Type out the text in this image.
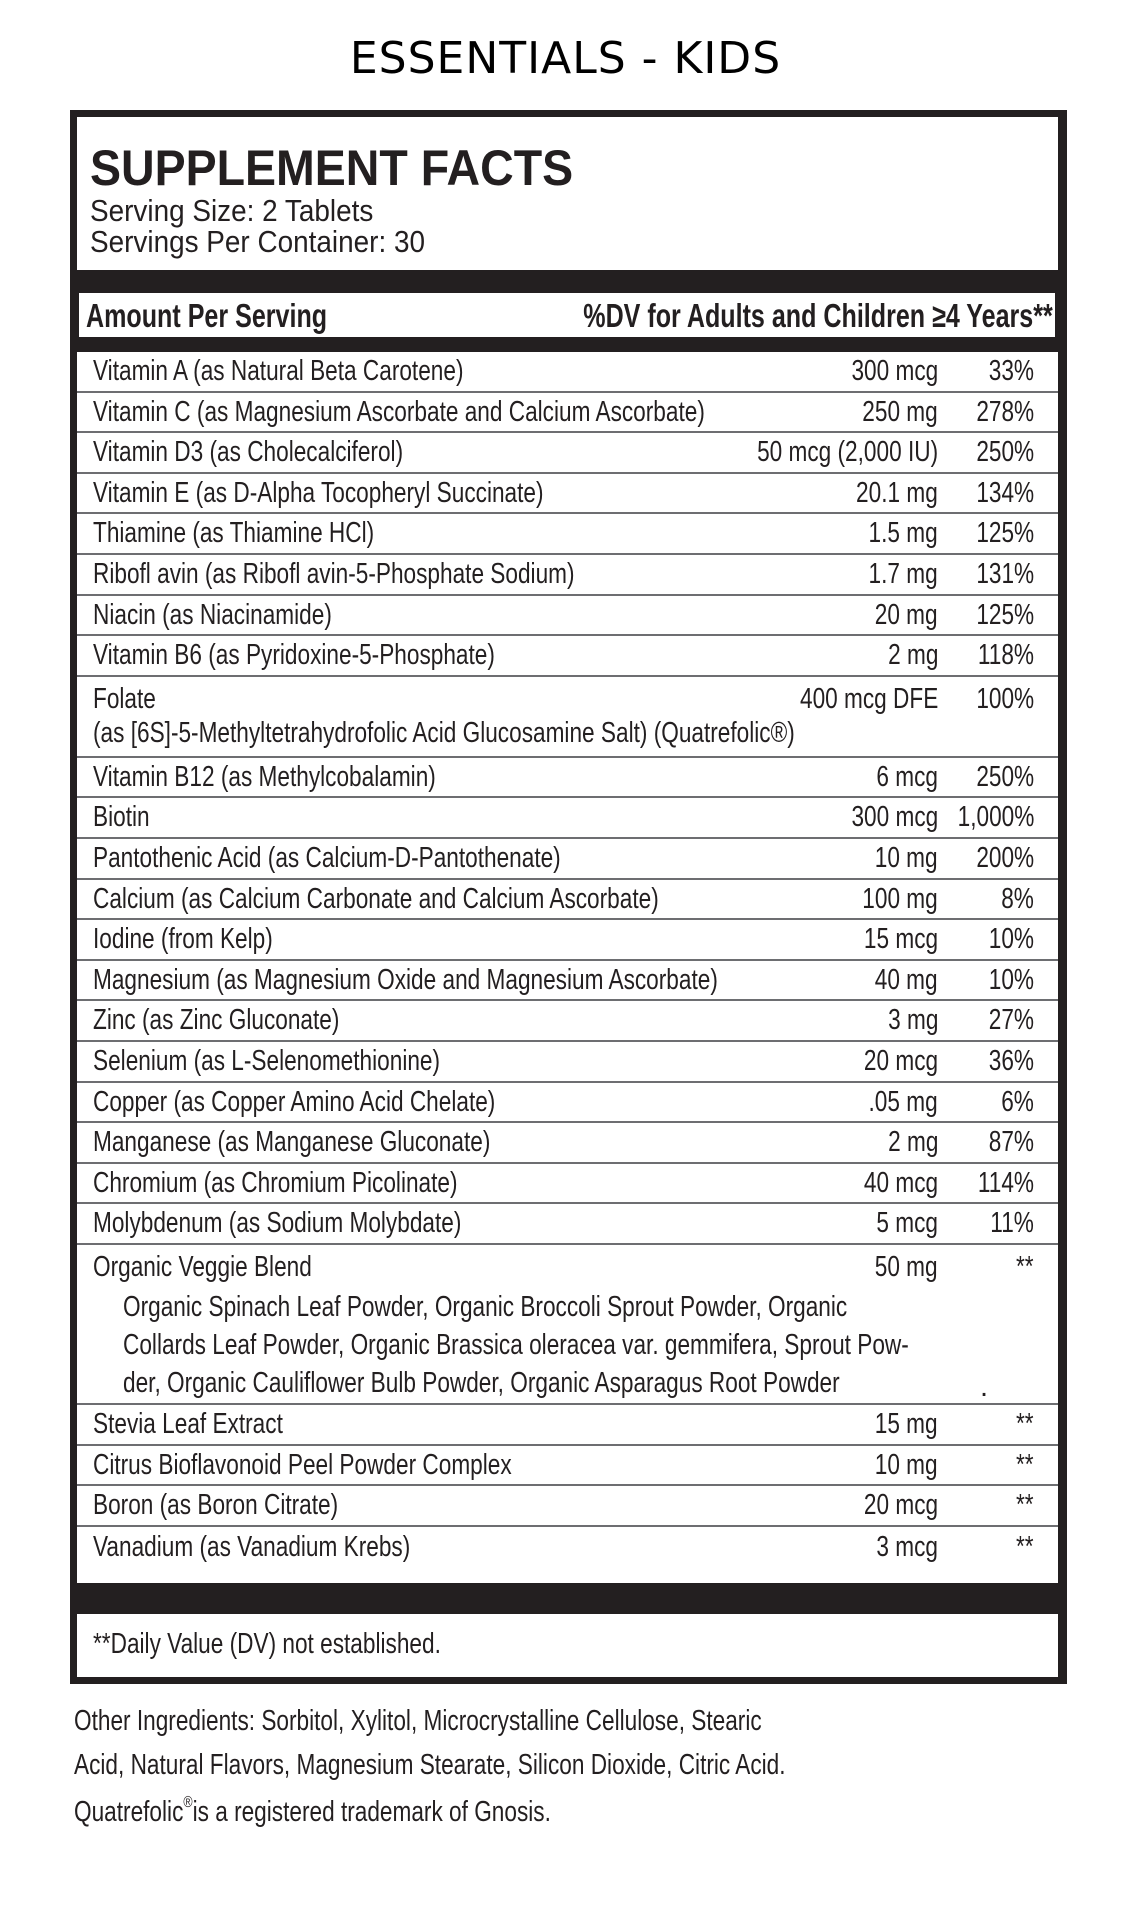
ESSENTIALS - KIDS
SUPPLEMENT FACTS
Serving Size: 2 Tablets
Servings Per Container: 30
Amount Per Serving	%DV for Adults and Children ≥4 Years**
Vitamin A (as Natural Beta Carotene)	300 mcg 33%
Vitamin C (as Magnesium Ascorbate and Calcium Ascorbate)	250 mg 278%
Vitamin D3 (as Cholecalciferol)	50 mcg (2,000 IU) 250%
Vitamin E (as D-Alpha Tocopheryl Succinate)	20.1 mg 134%
Thiamine (as Thiamine HCl)	1.5 mg 125%
Ribofl avin (as Ribofl avin-5-Phosphate Sodium)	1.7 mg 131%
Niacin (as Niacinamide)	20 mg 125%
Vitamin B6 (as Pyridoxine-5-Phosphate)	2 mg 118%
Folate	400 mcg DFE 100%
(as [6S]-5-Methyltetrahydrofolic Acid Glucosamine Salt) (Quatrefolic®)
Vitamin B12 (as Methylcobalamin)	6 mcg 250%
Biotin	300 mcg 1,000%
Pantothenic Acid (as Calcium-D-Pantothenate)	10 mg 200%
Calcium (as Calcium Carbonate and Calcium Ascorbate)	100 mg 8%
Iodine (from Kelp)	15 mcg 10%
Magnesium (as Magnesium Oxide and Magnesium Ascorbate)	40 mg 10%
Zinc (as Zinc Gluconate)	3 mg 27%
Selenium (as L-Selenomethionine)	20 mcg 36%
Copper (as Copper Amino Acid Chelate)	.05 mg 6%
Manganese (as Manganese Gluconate)	2 mg 87%
Chromium (as Chromium Picolinate)	40 mcg 114%
Molybdenum (as Sodium Molybdate)	5 mcg 11%
Organic Veggie Blend	50 mg	**
Organic Spinach Leaf Powder, Organic Broccoli Sprout Powder, Organic
Collards Leaf Powder, Organic Brassica oleracea var. gemmifera, Sprout Pow-
der, Organic Cauliflower Bulb Powder, Organic Asparagus Root Powder	.
Stevia Leaf Extract	15 mg	**
Citrus Bioflavonoid Peel Powder Complex	10 mg	**
Boron (as Boron Citrate)	20 mcg	**
Vanadium (as Vanadium Krebs)	3 mcg	**
**Daily Value (DV) not established.
Other Ingredients: Sorbitol, Xylitol, Microcrystalline Cellulose, Stearic
Acid, Natural Flavors, Magnesium Stearate, Silicon Dioxide, Citric Acid.
Quatrefolic®is a registered trademark of Gnosis.
